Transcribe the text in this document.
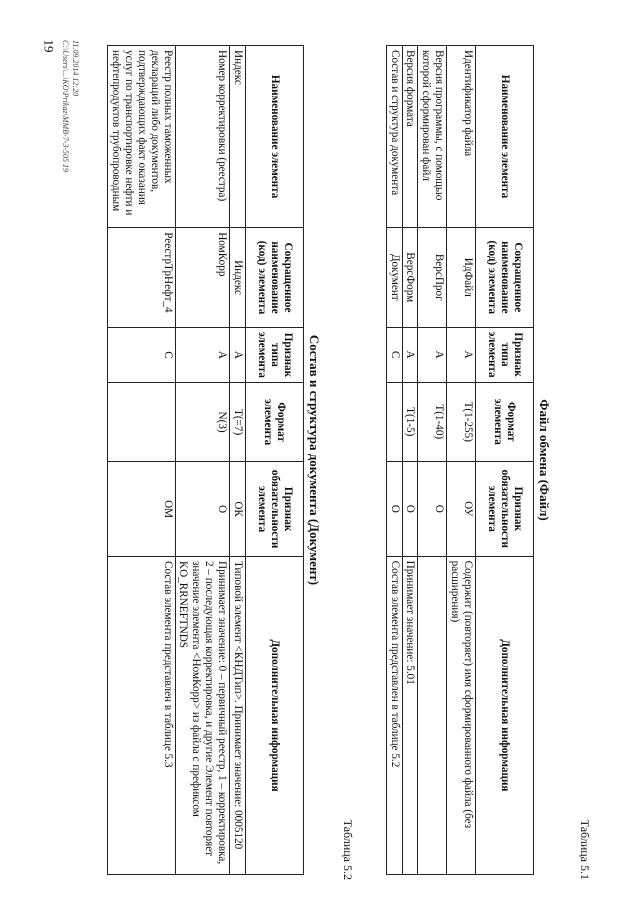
19
Таблица 5.1
Файл обмена (Файл)
Наименование элемента	Сокращенное наименование (код) элемента	Признак типа элемента	Формат элемента	Признак обязательности элемента	Дополнительная информация
Идентификатор файла	ИдФайл	А	Т(1-255)	ОУ	Содержит (повторяет) имя сформированного файла (без расширения)
Версия программы, с помощью которой сформирован файл	ВерсПрог	А	Т(1-40)	О	
Версия формата	ВерсФорм	А	Т(1-5)	О	Принимает значение: 5.01
Состав и структура документа	Документ	С		О	Состав элемента представлен в таблице 5.2
Таблица 5.2
Состав и структура документа (Документ)
Наименование элемента	Сокращенное наименование (код) элемента	Признак типа элемента	Формат элемента	Признак обязательности элемента	Дополнительная информация
Индекс	Индекс	А	Т(=7)	ОК	Типовой элемент <КНДТип>. Принимает значение: 0005120
Номер корректировки (реестра)	НомКорр	А	N(3)	О	Принимает значение: 0 – первичный реестр, 1 – корректировка, 2 – последующая корректировка, и другие Элемент повторяет значение элемента <НомКорр> из файла с префиксом KO_RRNEFTNDS
Реестр полных таможенных деклараций либо документов, подтверждающих факт оказания услуг по транспортировке нефти и нефтепродуктов трубопроводным	РеестрТрНефт_4	С		ОМ	Состав элемента представлен в таблице 5.3
11.09.2014 12:20
C:\Users\...\KO\Prikaz\MMB-7-3-505 19
